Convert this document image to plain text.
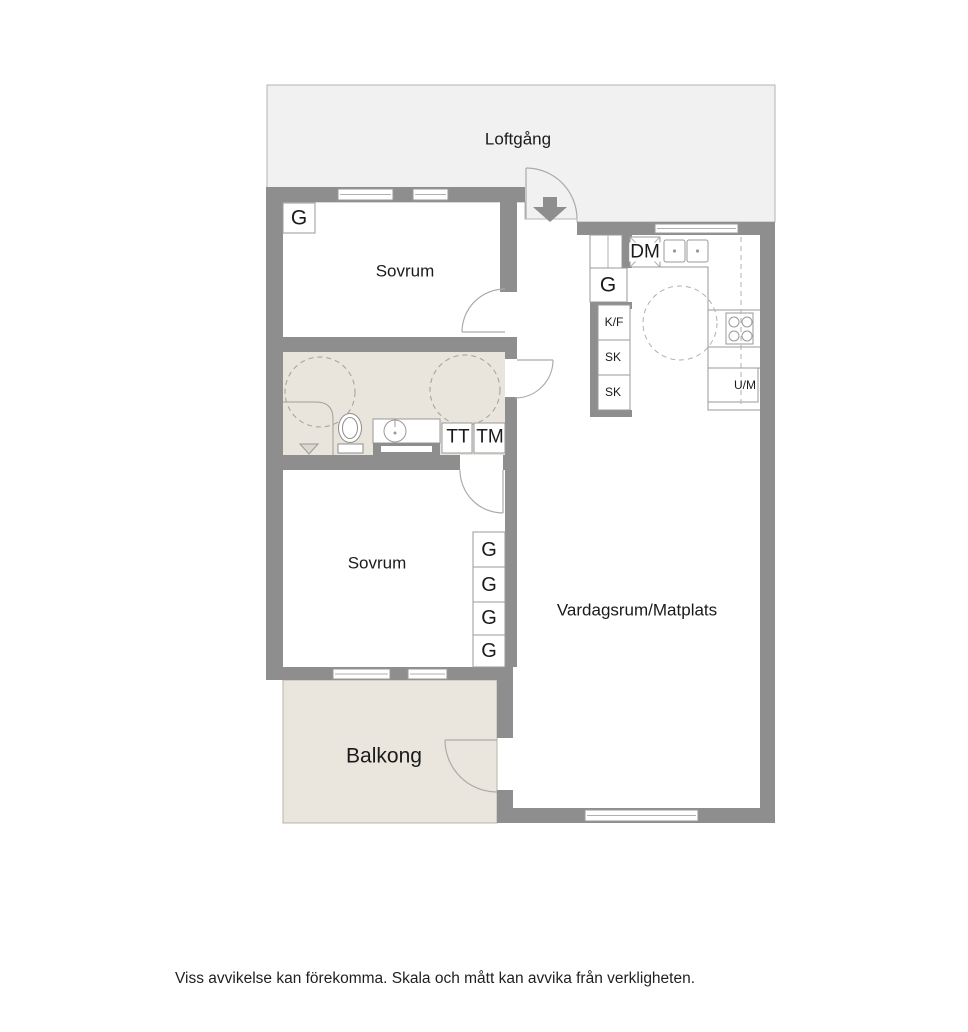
Loftgång
G
Sovrum
DM
G
K/F
SK
SK	U/M
TT TM
Sovrum
G
G
G
G
Vardagsrum/Matplats
Balkong
Viss avvikelse kan förekomma. Skala och mått kan avvika från verkligheten.
